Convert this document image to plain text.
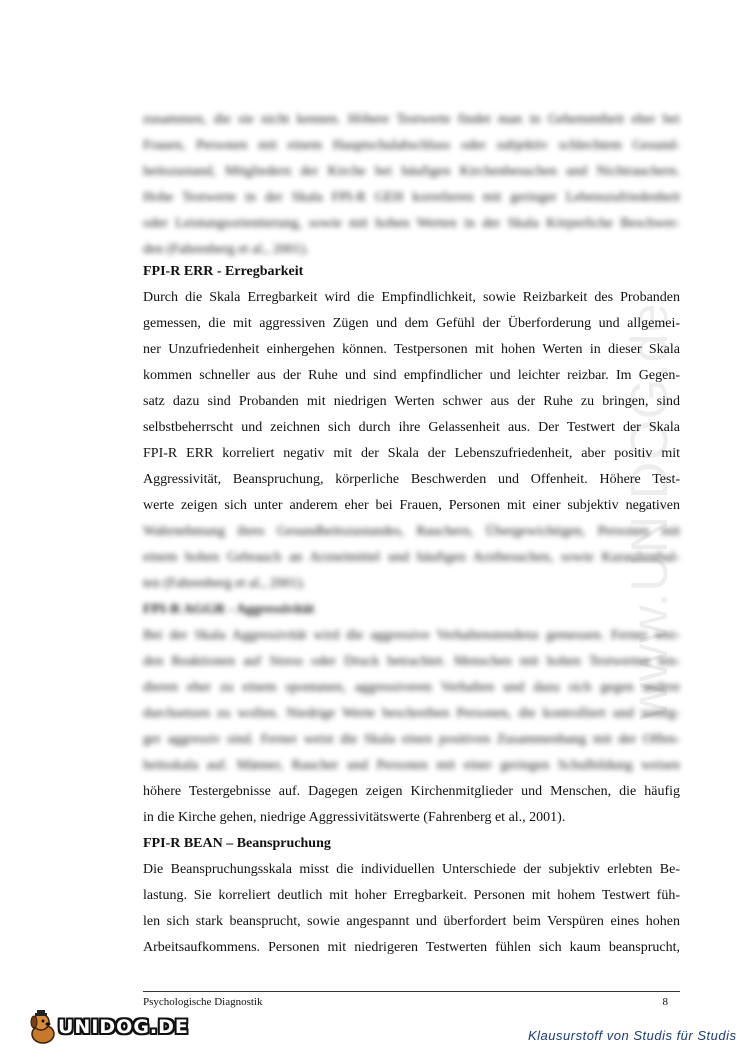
www.UNIDOG.de
zusammen, die sie nicht kennen. Höhere Testwerte findet man in Gehemmtheit eher bei
Frauen, Personen mit einem Hauptschulabschluss oder subjektiv schlechtem Gesund-
heitszustand, Mitgliedern der Kirche bei häufigen Kirchenbesuchen und Nichtrauchern.
Hohe Testwerte in der Skala FPI-R GEH korrelieren mit geringer Lebenszufriedenheit
oder Leistungsorientierung, sowie mit hohen Werten in der Skala Körperliche Beschwer-
den (Fahrenberg et al., 2001).
FPI-R ERR - Erregbarkeit
Durch die Skala Erregbarkeit wird die Empfindlichkeit, sowie Reizbarkeit des Probanden
gemessen, die mit aggressiven Zügen und dem Gefühl der Überforderung und allgemei-
ner Unzufriedenheit einhergehen können. Testpersonen mit hohen Werten in dieser Skala
kommen schneller aus der Ruhe und sind empfindlicher und leichter reizbar. Im Gegen-
satz dazu sind Probanden mit niedrigen Werten schwer aus der Ruhe zu bringen, sind
selbstbeherrscht und zeichnen sich durch ihre Gelassenheit aus. Der Testwert der Skala
FPI-R ERR korreliert negativ mit der Skala der Lebenszufriedenheit, aber positiv mit
Aggressivität, Beanspruchung, körperliche Beschwerden und Offenheit. Höhere Test-
werte zeigen sich unter anderem eher bei Frauen, Personen mit einer subjektiv negativen
Wahrnehmung ihres Gesundheitszustandes, Rauchern, Übergewichtigen, Personen mit
einem hohen Gebrauch an Arzneimittel und häufigen Arztbesuchen, sowie Kuraufenthal-
ten (Fahrenberg et al., 2001).
FPI-R AGGR - Aggressivität
Bei der Skala Aggressivität wird die aggressive Verhaltenstendenz gemessen. Ferner wer-
den Reaktionen auf Stress oder Druck betrachtet. Menschen mit hohen Testwerten ten-
dieren eher zu einem spontanen, aggressiveren Verhalten und dazu sich gegen andere
durchsetzen zu wollen. Niedrige Werte beschreiben Personen, die kontrolliert und wenig-
ger aggressiv sind. Ferner weist die Skala einen positiven Zusammenhang mit der Offen-
heitsskala auf. Männer, Raucher und Personen mit einer geringen Schulbildung weisen
höhere Testergebnisse auf. Dagegen zeigen Kirchenmitglieder und Menschen, die häufig
in die Kirche gehen, niedrige Aggressivitätswerte (Fahrenberg et al., 2001).
FPI-R BEAN – Beanspruchung
Die Beanspruchungsskala misst die individuellen Unterschiede der subjektiv erlebten Be-
lastung. Sie korreliert deutlich mit hoher Erregbarkeit. Personen mit hohem Testwert füh-
len sich stark beansprucht, sowie angespannt und überfordert beim Verspüren eines hohen
Arbeitsaufkommens. Personen mit niedrigeren Testwerten fühlen sich kaum beansprucht,
Psychologische Diagnostik	8
UNIDOG.DE	Klausurstoff von Studis für Studis
